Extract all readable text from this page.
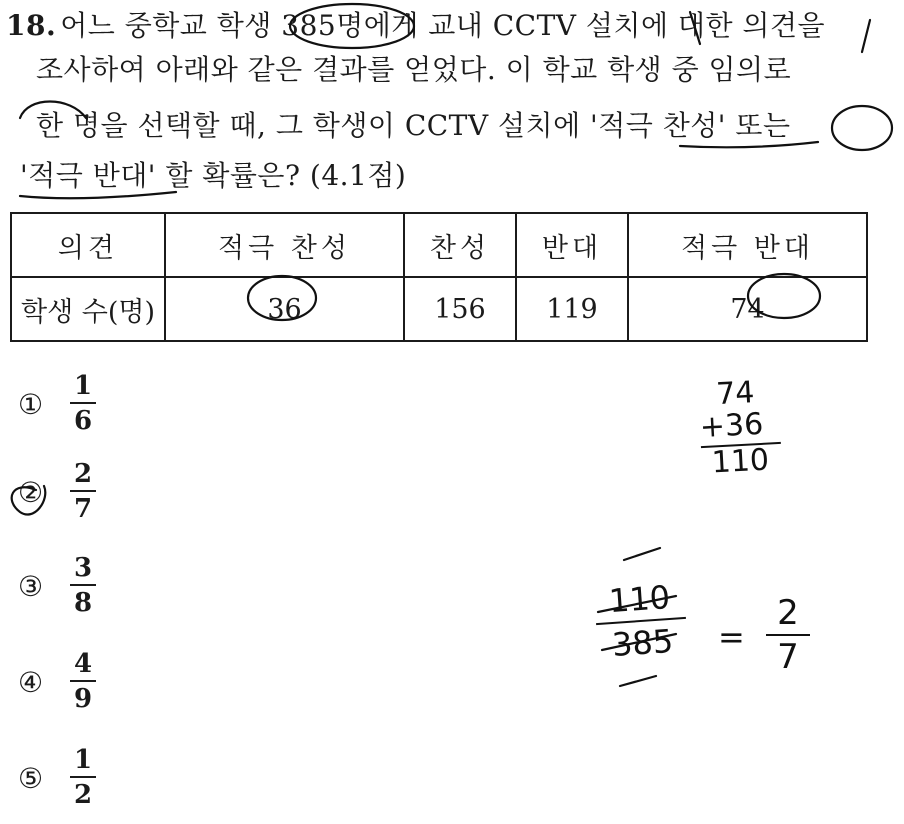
18. 어느 중학교 학생 385명에게 교내 CCTV 설치에 대한 의견을
조사하여 아래와 같은 결과를 얻었다. 이 학교 학생 중 임의로
한 명을 선택할 때, 그 학생이 CCTV 설치에 '적극 찬성' 또는
'적극 반대' 할 확률은? (4.1점)
의견	적극 찬성	찬성	반대	적극 반대
학생 수(명)	36	156	119	74
①
1
6
②
2
7
③
3
8
④
4
9
⑤
1
2
74
+36
110
110
385	=
2
7
